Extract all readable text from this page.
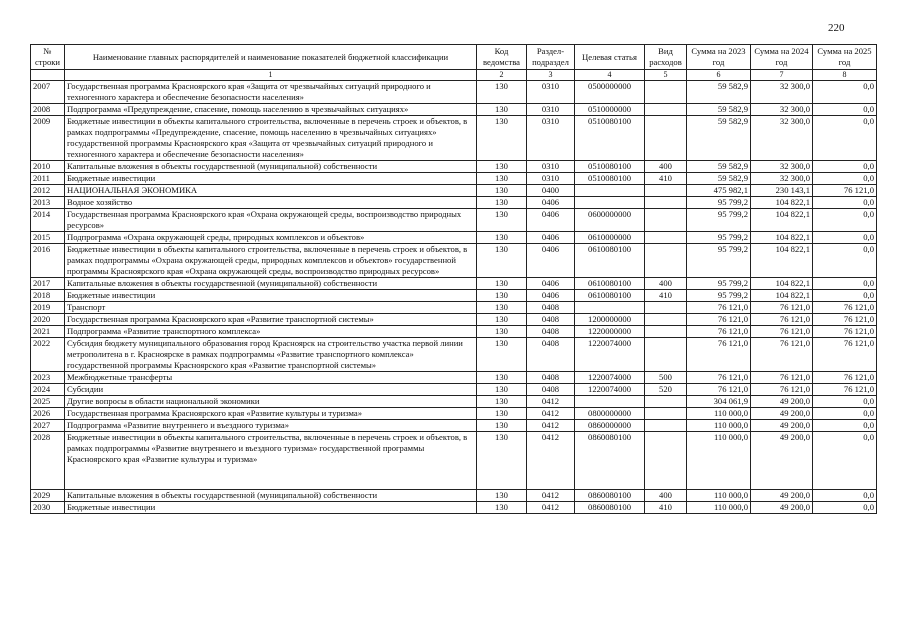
220
№ строки	Наименование главных распорядителей и наименование показателей бюджетной классификации	Код ведомства	Раздел-подраздел	Целевая статья	Вид расходов	Сумма на 2023 год	Сумма на 2024 год	Сумма на 2025 год
	1	2	3	4	5	6	7	8
2007	Государственная программа Красноярского края «Защита от чрезвычайных ситуаций природного и техногенного характера и обеспечение безопасности населения»	130	0310	0500000000		59 582,9	32 300,0	0,0
2008	Подпрограмма «Предупреждение, спасение, помощь населению в чрезвычайных ситуациях»	130	0310	0510000000		59 582,9	32 300,0	0,0
2009	Бюджетные инвестиции в объекты капитального строительства, включенные в перечень строек и объектов, в рамках подпрограммы «Предупреждение, спасение, помощь населению в чрезвычайных ситуациях» государственной программы Красноярского края «Защита от чрезвычайных ситуаций природного и техногенного характера и обеспечение безопасности населения»	130	0310	0510080100		59 582,9	32 300,0	0,0
2010	Капитальные вложения в объекты государственной (муниципальной) собственности	130	0310	0510080100	400	59 582,9	32 300,0	0,0
2011	Бюджетные инвестиции	130	0310	0510080100	410	59 582,9	32 300,0	0,0
2012	НАЦИОНАЛЬНАЯ ЭКОНОМИКА	130	0400			475 982,1	230 143,1	76 121,0
2013	Водное хозяйство	130	0406			95 799,2	104 822,1	0,0
2014	Государственная программа Красноярского края «Охрана окружающей среды, воспроизводство природных ресурсов»	130	0406	0600000000		95 799,2	104 822,1	0,0
2015	Подпрограмма «Охрана окружающей среды, природных комплексов и объектов»	130	0406	0610000000		95 799,2	104 822,1	0,0
2016	Бюджетные инвестиции в объекты капитального строительства, включенные в перечень строек и объектов, в рамках подпрограммы «Охрана окружающей среды, природных комплексов и объектов» государственной программы Красноярского края «Охрана окружающей среды, воспроизводство природных ресурсов»	130	0406	0610080100		95 799,2	104 822,1	0,0
2017	Капитальные вложения в объекты государственной (муниципальной) собственности	130	0406	0610080100	400	95 799,2	104 822,1	0,0
2018	Бюджетные инвестиции	130	0406	0610080100	410	95 799,2	104 822,1	0,0
2019	Транспорт	130	0408			76 121,0	76 121,0	76 121,0
2020	Государственная программа Красноярского края «Развитие транспортной системы»	130	0408	1200000000		76 121,0	76 121,0	76 121,0
2021	Подпрограмма «Развитие транспортного комплекса»	130	0408	1220000000		76 121,0	76 121,0	76 121,0
2022	Субсидия бюджету муниципального образования город Красноярск на строительство участка первой линии метрополитена в г. Красноярске в рамках подпрограммы «Развитие транспортного комплекса» государственной программы Красноярского края «Развитие транспортной системы»	130	0408	1220074000		76 121,0	76 121,0	76 121,0
2023	Межбюджетные трансферты	130	0408	1220074000	500	76 121,0	76 121,0	76 121,0
2024	Субсидии	130	0408	1220074000	520	76 121,0	76 121,0	76 121,0
2025	Другие вопросы в области национальной экономики	130	0412			304 061,9	49 200,0	0,0
2026	Государственная программа Красноярского края «Развитие культуры и туризма»	130	0412	0800000000		110 000,0	49 200,0	0,0
2027	Подпрограмма «Развитие внутреннего и въездного туризма»	130	0412	0860000000		110 000,0	49 200,0	0,0
2028	Бюджетные инвестиции в объекты капитального строительства, включенные в перечень строек и объектов, в рамках подпрограммы «Развитие внутреннего и въездного туризма» государственной программы Красноярского края «Развитие культуры и туризма»	130	0412	0860080100		110 000,0	49 200,0	0,0
2029	Капитальные вложения в объекты государственной (муниципальной) собственности	130	0412	0860080100	400	110 000,0	49 200,0	0,0
2030	Бюджетные инвестиции	130	0412	0860080100	410	110 000,0	49 200,0	0,0
